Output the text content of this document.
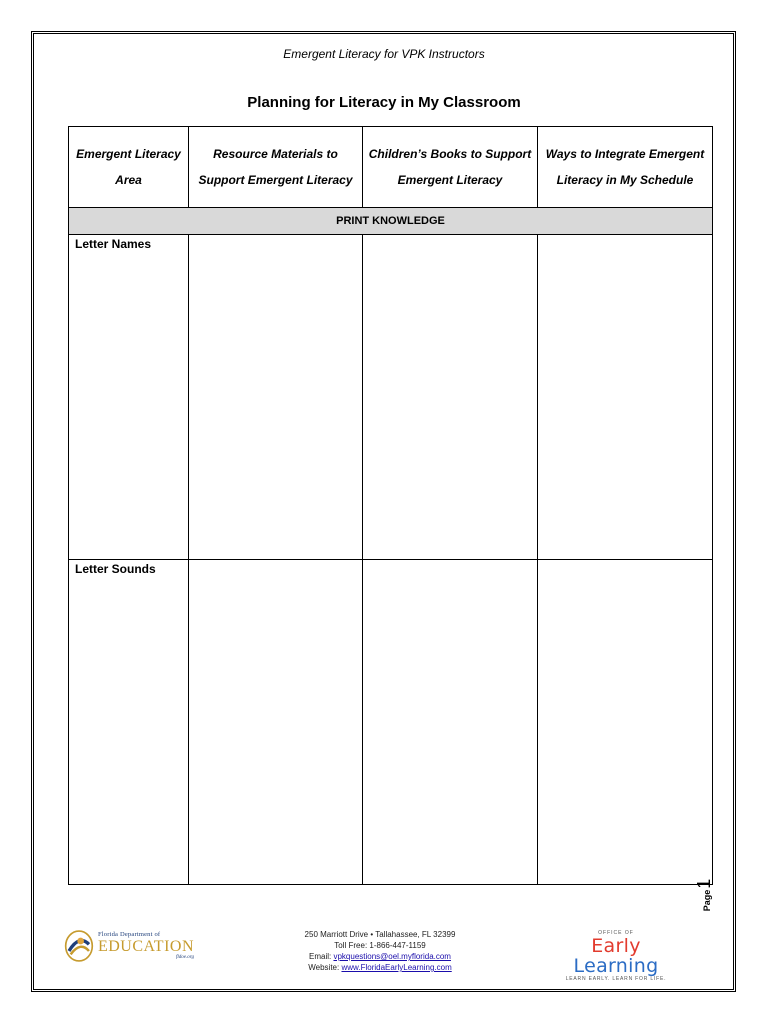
Emergent Literacy for VPK Instructors
Planning for Literacy in My Classroom
Emergent Literacy Area	Resource Materials to Support Emergent Literacy	Children’s Books to Support Emergent Literacy	Ways to Integrate Emergent Literacy in My Schedule
PRINT KNOWLEDGE			
Letter Names			
Letter Sounds			
Page
1
Florida Department of
EDUCATION
fldoe.org
250 Marriott Drive • Tallahassee, FL 32399
Toll Free: 1-866-447-1159
Email: vpkquestions@oel.myflorida.com
Website: www.FloridaEarlyLearning.com
OFFICE OF
Early Learning
LEARN EARLY. LEARN FOR LIFE.
